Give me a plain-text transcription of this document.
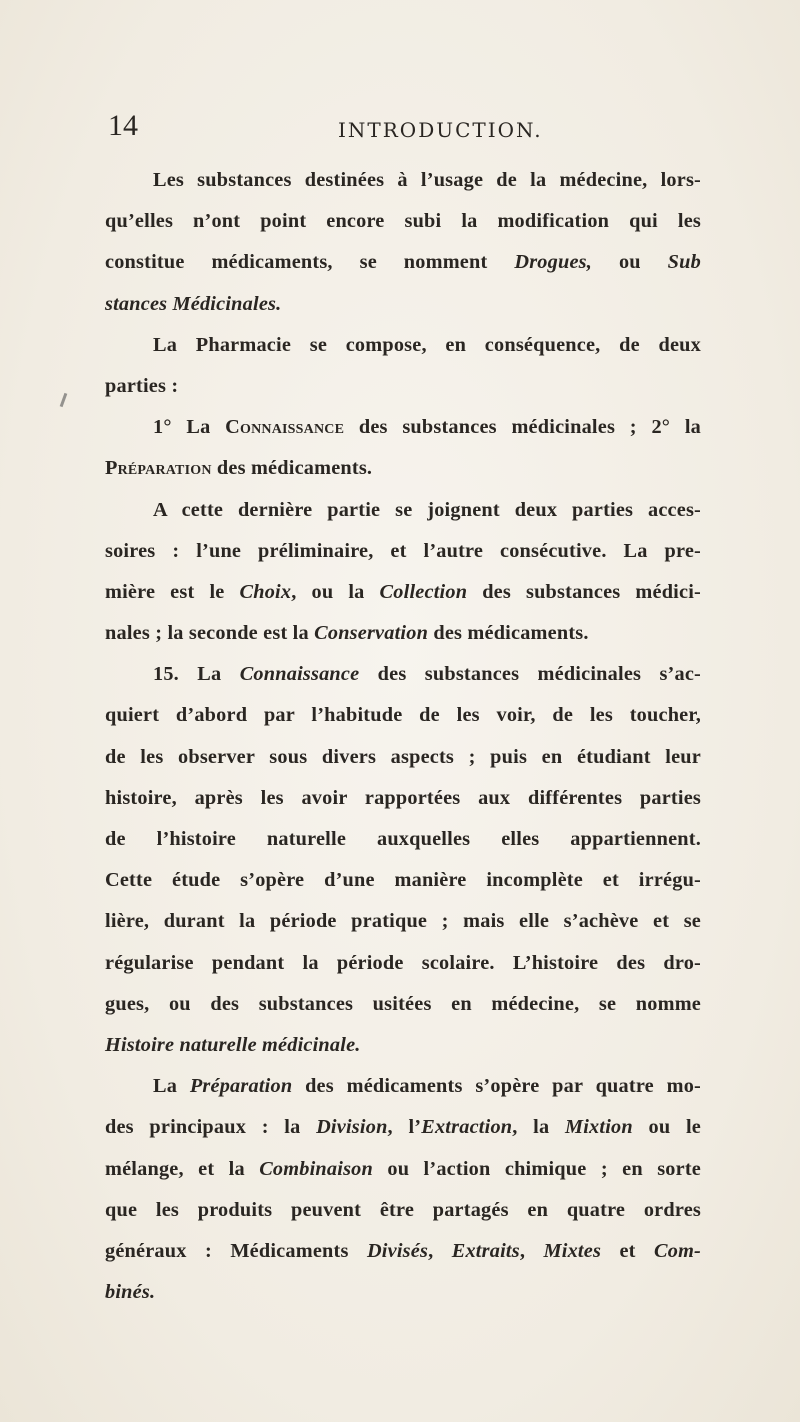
14	INTRODUCTION.
Les substances destinées à l’usage de la médecine, lors-
qu’elles n’ont point encore subi la modification qui les
constitue médicaments, se nomment Drogues, ou Sub
stances Médicinales.
La Pharmacie se compose, en conséquence, de deux
parties :
1° La Connaissance des substances médicinales ; 2° la
Préparation des médicaments.
A cette dernière partie se joignent deux parties acces-
soires : l’une préliminaire, et l’autre consécutive. La pre-
mière est le Choix, ou la Collection des substances médici-
nales ; la seconde est la Conservation des médicaments.
15. La Connaissance des substances médicinales s’ac-
quiert d’abord par l’habitude de les voir, de les toucher,
de les observer sous divers aspects ; puis en étudiant leur
histoire, après les avoir rapportées aux différentes parties
de l’histoire naturelle auxquelles elles appartiennent.
Cette étude s’opère d’une manière incomplète et irrégu-
lière, durant la période pratique ; mais elle s’achève et se
régularise pendant la période scolaire. L’histoire des dro-
gues, ou des substances usitées en médecine, se nomme
Histoire naturelle médicinale.
La Préparation des médicaments s’opère par quatre mo-
des principaux : la Division, l’Extraction, la Mixtion ou le
mélange, et la Combinaison ou l’action chimique ; en sorte
que les produits peuvent être partagés en quatre ordres
généraux : Médicaments Divisés, Extraits, Mixtes et Com-
binés.
